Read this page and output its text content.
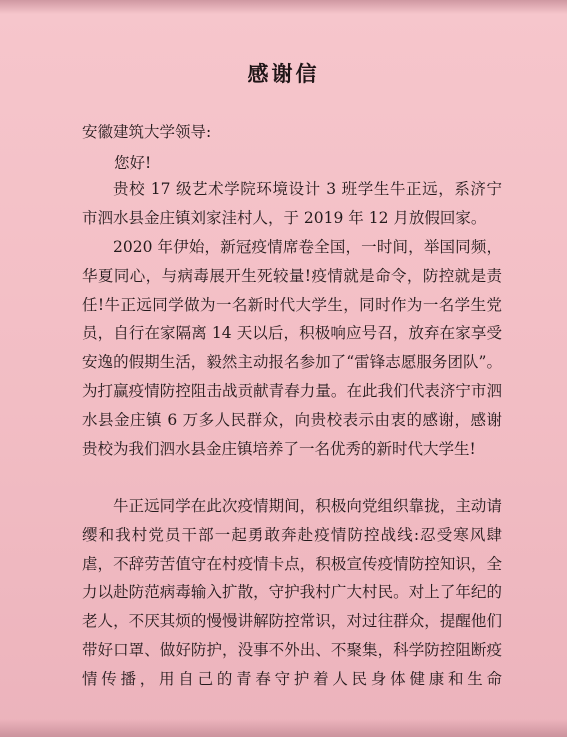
感谢信
安徽建筑大学领导:
您好!
贵校 17 级艺术学院环境设计 3 班学生牛正远，系济宁市泗水县金庄镇刘家洼村人，于 2019 年 12 月放假回家。
2020 年伊始，新冠疫情席卷全国，一时间，举国同频，华夏同心，与病毒展开生死较量!疫情就是命令，防控就是责任!牛正远同学做为一名新时代大学生，同时作为一名学生党员，自行在家隔离 14 天以后，积极响应号召，放弃在家享受安逸的假期生活，毅然主动报名参加了“雷锋志愿服务团队”。为打赢疫情防控阻击战贡献青春力量。在此我们代表济宁市泗水县金庄镇 6 万多人民群众，向贵校表示由衷的感谢，感谢贵校为我们泗水县金庄镇培养了一名优秀的新时代大学生!
牛正远同学在此次疫情期间，积极向党组织靠拢，主动请缨和我村党员干部一起勇敢奔赴疫情防控战线:忍受寒风肆虐，不辞劳苦值守在村疫情卡点，积极宣传疫情防控知识，全力以赴防范病毒输入扩散，守护我村广大村民。对上了年纪的老人，不厌其烦的慢慢讲解防控常识，对过往群众，提醒他们带好口罩、做好防护，没事不外出、不聚集，科学防控阻断疫情传播，用自己的青春守护着人民身体健康和生命
